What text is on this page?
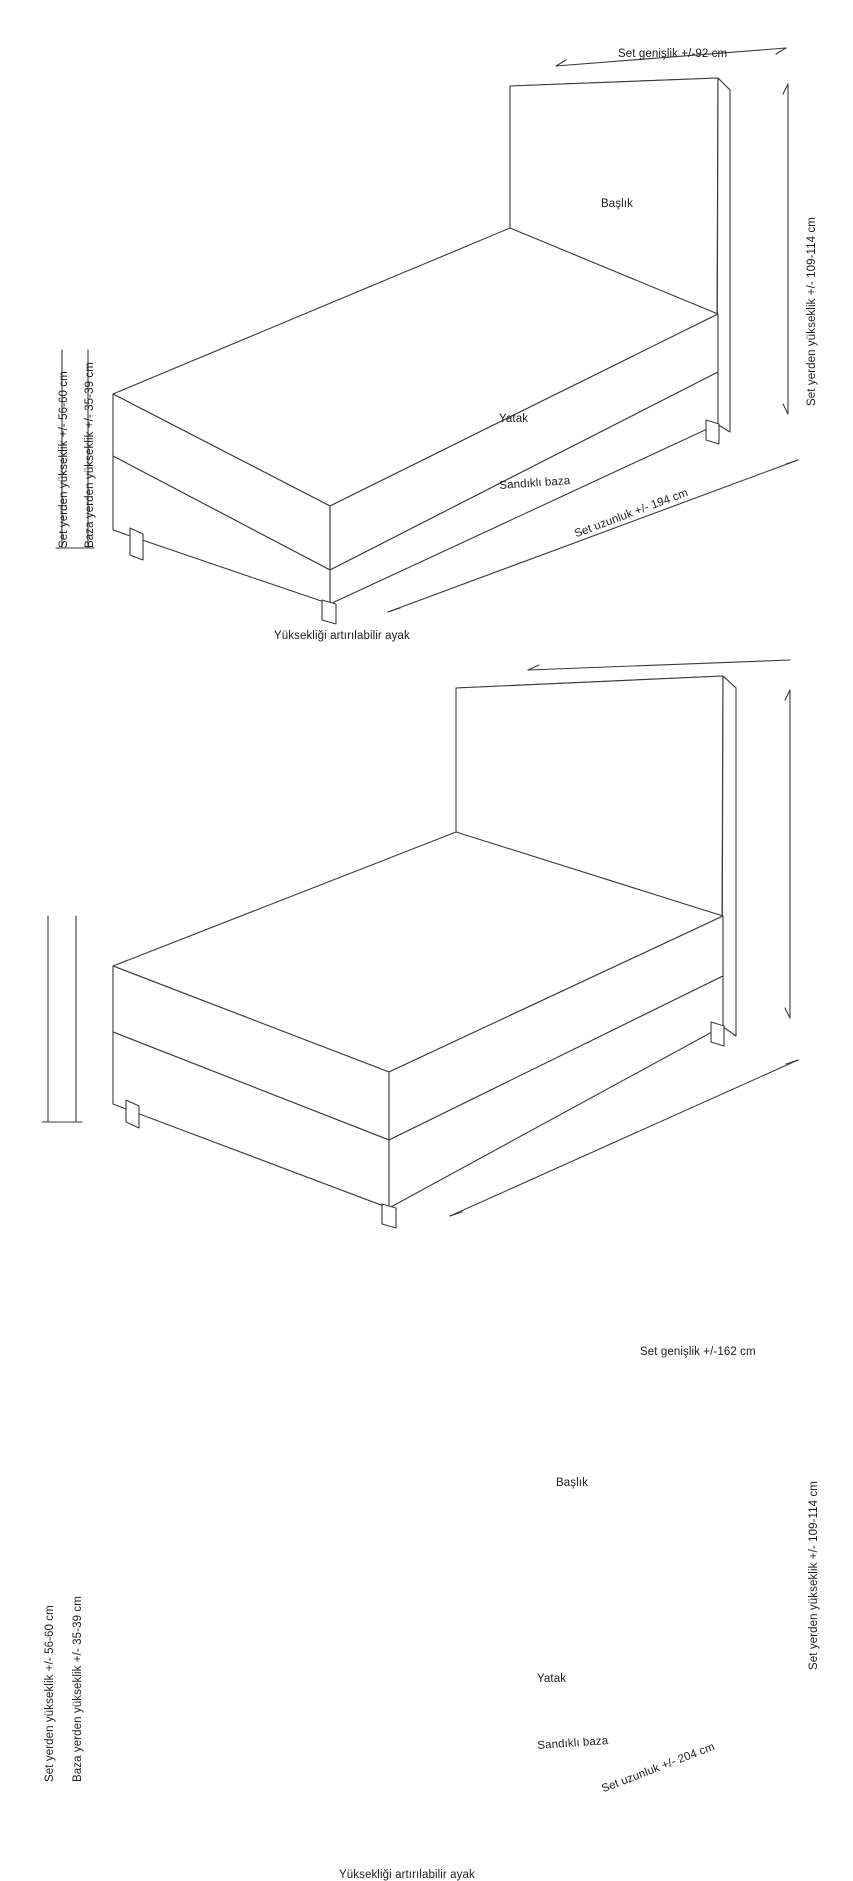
Set genişlik +/-92 cm
Set yerden yükseklik +/- 109-114 cm
Set uzunluk +/- 194 cm
Set yerden yükseklik +/- 56-60 cm Baza yerden yükseklik +/- 35-39 cm
Başlık
Yatak
Sandıklı baza
Yüksekliği artırılabilir ayak
Set genişlik +/-162 cm
Set yerden yükseklik +/- 109-114 cm
Set uzunluk +/- 204 cm
Set yerden yükseklik +/- 56-60 cm Baza yerden yükseklik +/- 35-39 cm
Başlık
Yatak
Sandıklı baza
Yüksekliği artırılabilir ayak
